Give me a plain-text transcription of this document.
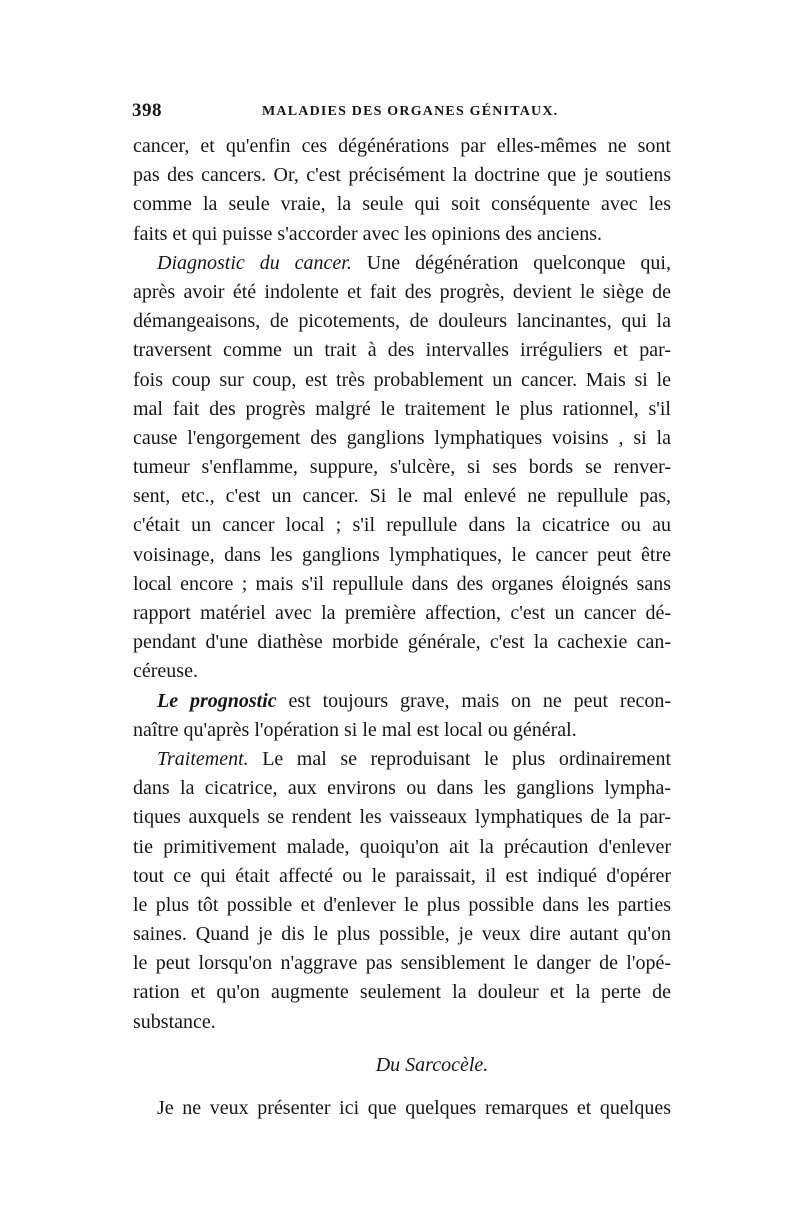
398	MALADIES DES ORGANES GÉNITAUX.
cancer, et qu'enfin ces dégénérations par elles-mêmes ne sont
pas des cancers. Or, c'est précisément la doctrine que je soutiens
comme la seule vraie, la seule qui soit conséquente avec les
faits et qui puisse s'accorder avec les opinions des anciens.
Diagnostic du cancer. Une dégénération quelconque qui,
après avoir été indolente et fait des progrès, devient le siège de
démangeaisons, de picotements, de douleurs lancinantes, qui la
traversent comme un trait à des intervalles irréguliers et par-
fois coup sur coup, est très probablement un cancer. Mais si le
mal fait des progrès malgré le traitement le plus rationnel, s'il
cause l'engorgement des ganglions lymphatiques voisins , si la
tumeur s'enflamme, suppure, s'ulcère, si ses bords se renver-
sent, etc., c'est un cancer. Si le mal enlevé ne repullule pas,
c'était un cancer local ; s'il repullule dans la cicatrice ou au
voisinage, dans les ganglions lymphatiques, le cancer peut être
local encore ; mais s'il repullule dans des organes éloignés sans
rapport matériel avec la première affection, c'est un cancer dé-
pendant d'une diathèse morbide générale, c'est la cachexie can-
céreuse.
Le prognostic est toujours grave, mais on ne peut recon-
naître qu'après l'opération si le mal est local ou général.
Traitement. Le mal se reproduisant le plus ordinairement
dans la cicatrice, aux environs ou dans les ganglions lympha-
tiques auxquels se rendent les vaisseaux lymphatiques de la par-
tie primitivement malade, quoiqu'on ait la précaution d'enlever
tout ce qui était affecté ou le paraissait, il est indiqué d'opérer
le plus tôt possible et d'enlever le plus possible dans les parties
saines. Quand je dis le plus possible, je veux dire autant qu'on
le peut lorsqu'on n'aggrave pas sensiblement le danger de l'opé-
ration et qu'on augmente seulement la douleur et la perte de
substance.
Du Sarcocèle.
Je ne veux présenter ici que quelques remarques et quelques
